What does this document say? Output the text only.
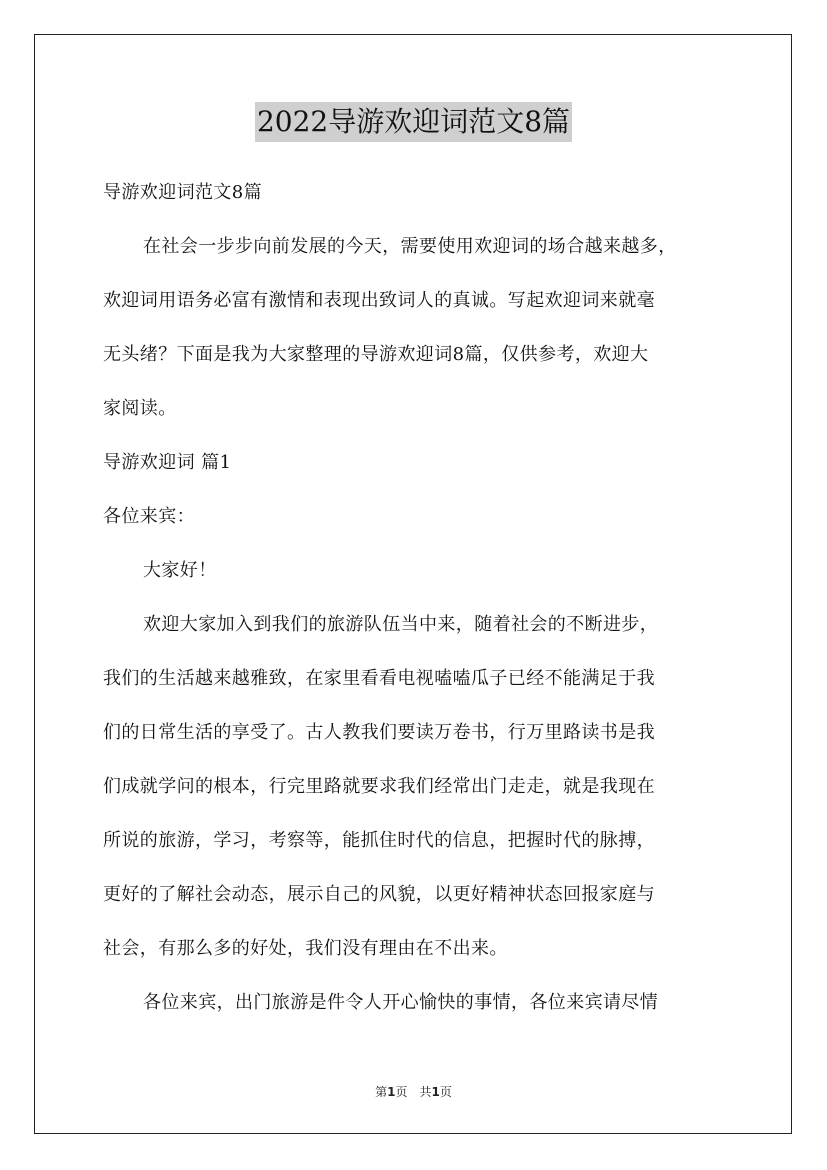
2022导游欢迎词范文8篇
导游欢迎词范文8篇
在社会一步步向前发展的今天，需要使用欢迎词的场合越来越多，
欢迎词用语务必富有激情和表现出致词人的真诚。写起欢迎词来就毫
无头绪？下面是我为大家整理的导游欢迎词8篇，仅供参考，欢迎大
家阅读。
导游欢迎词 篇1
各位来宾：
大家好！
欢迎大家加入到我们的旅游队伍当中来，随着社会的不断进步，
我们的生活越来越雅致，在家里看看电视嗑嗑瓜子已经不能满足于我
们的日常生活的享受了。古人教我们要读万卷书，行万里路读书是我
们成就学问的根本，行完里路就要求我们经常出门走走，就是我现在
所说的旅游，学习，考察等，能抓住时代的信息，把握时代的脉搏，
更好的了解社会动态，展示自己的风貌，以更好精神状态回报家庭与
社会，有那么多的好处，我们没有理由在不出来。
各位来宾，出门旅游是件令人开心愉快的事情，各位来宾请尽情
第1页　共1页
